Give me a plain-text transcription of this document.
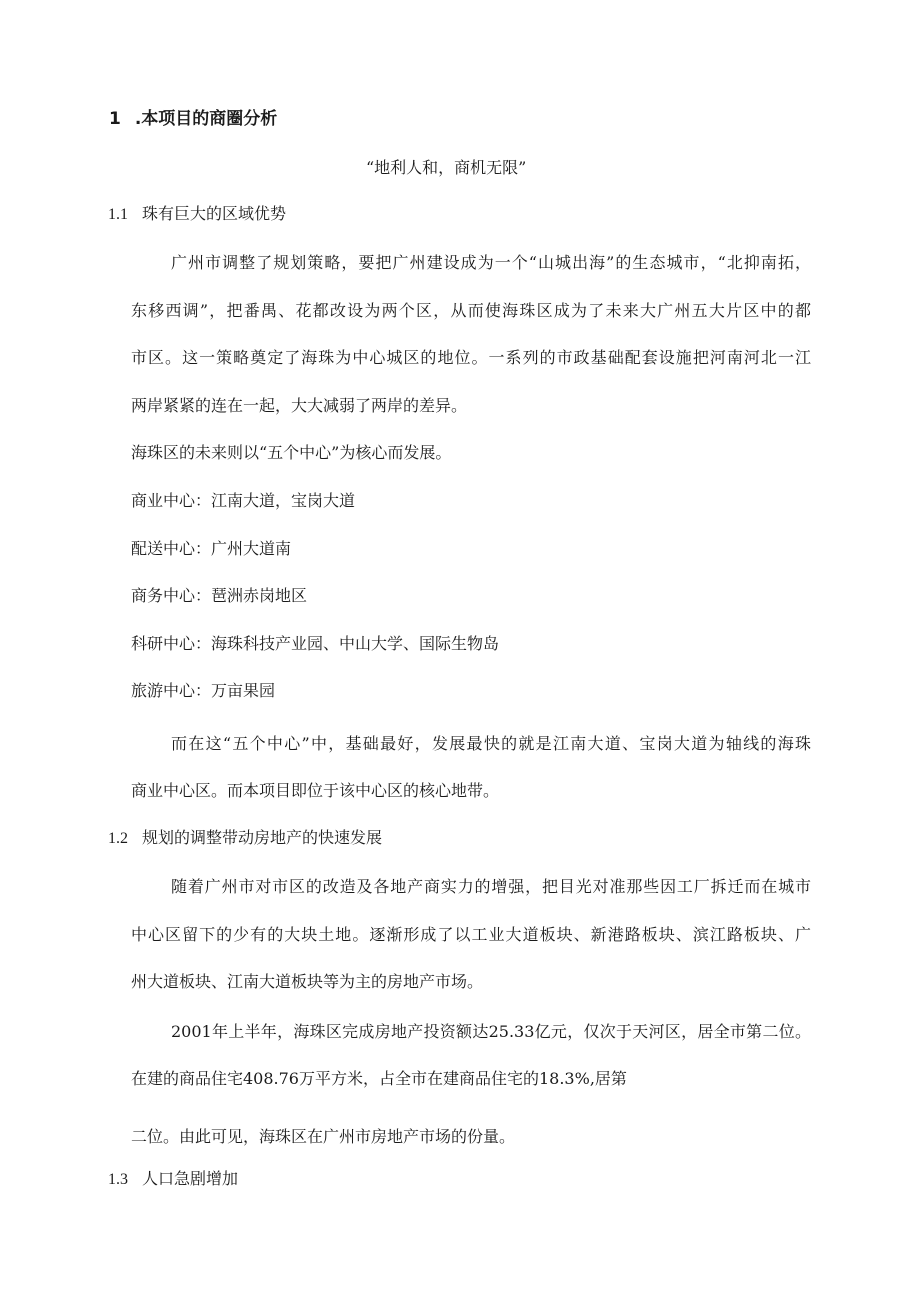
1 .本项目的商圈分析
“地利人和，商机无限”
1.1 珠有巨大的区域优势
广州市调整了规划策略，要把广州建设成为一个“山城出海”的生态城市，“北抑南拓，
东移西调”，把番禺、花都改设为两个区，从而使海珠区成为了未来大广州五大片区中的都
市区。这一策略奠定了海珠为中心城区的地位。一系列的市政基础配套设施把河南河北一江
两岸紧紧的连在一起，大大减弱了两岸的差异。
海珠区的未来则以“五个中心”为核心而发展。
商业中心：江南大道，宝岗大道
配送中心：广州大道南
商务中心：琶洲赤岗地区
科研中心：海珠科技产业园、中山大学、国际生物岛
旅游中心：万亩果园
而在这“五个中心”中，基础最好，发展最快的就是江南大道、宝岗大道为轴线的海珠
商业中心区。而本项目即位于该中心区的核心地带。
1.2 规划的调整带动房地产的快速发展
随着广州市对市区的改造及各地产商实力的增强，把目光对准那些因工厂拆迁而在城市
中心区留下的少有的大块土地。逐渐形成了以工业大道板块、新港路板块、滨江路板块、广
州大道板块、江南大道板块等为主的房地产市场。
2001年上半年，海珠区完成房地产投资额达25.33亿元，仅次于天河区，居全市第二位。
在建的商品住宅408.76万平方米，占全市在建商品住宅的18.3%,居第
二位。由此可见，海珠区在广州市房地产市场的份量。
1.3 人口急剧增加
